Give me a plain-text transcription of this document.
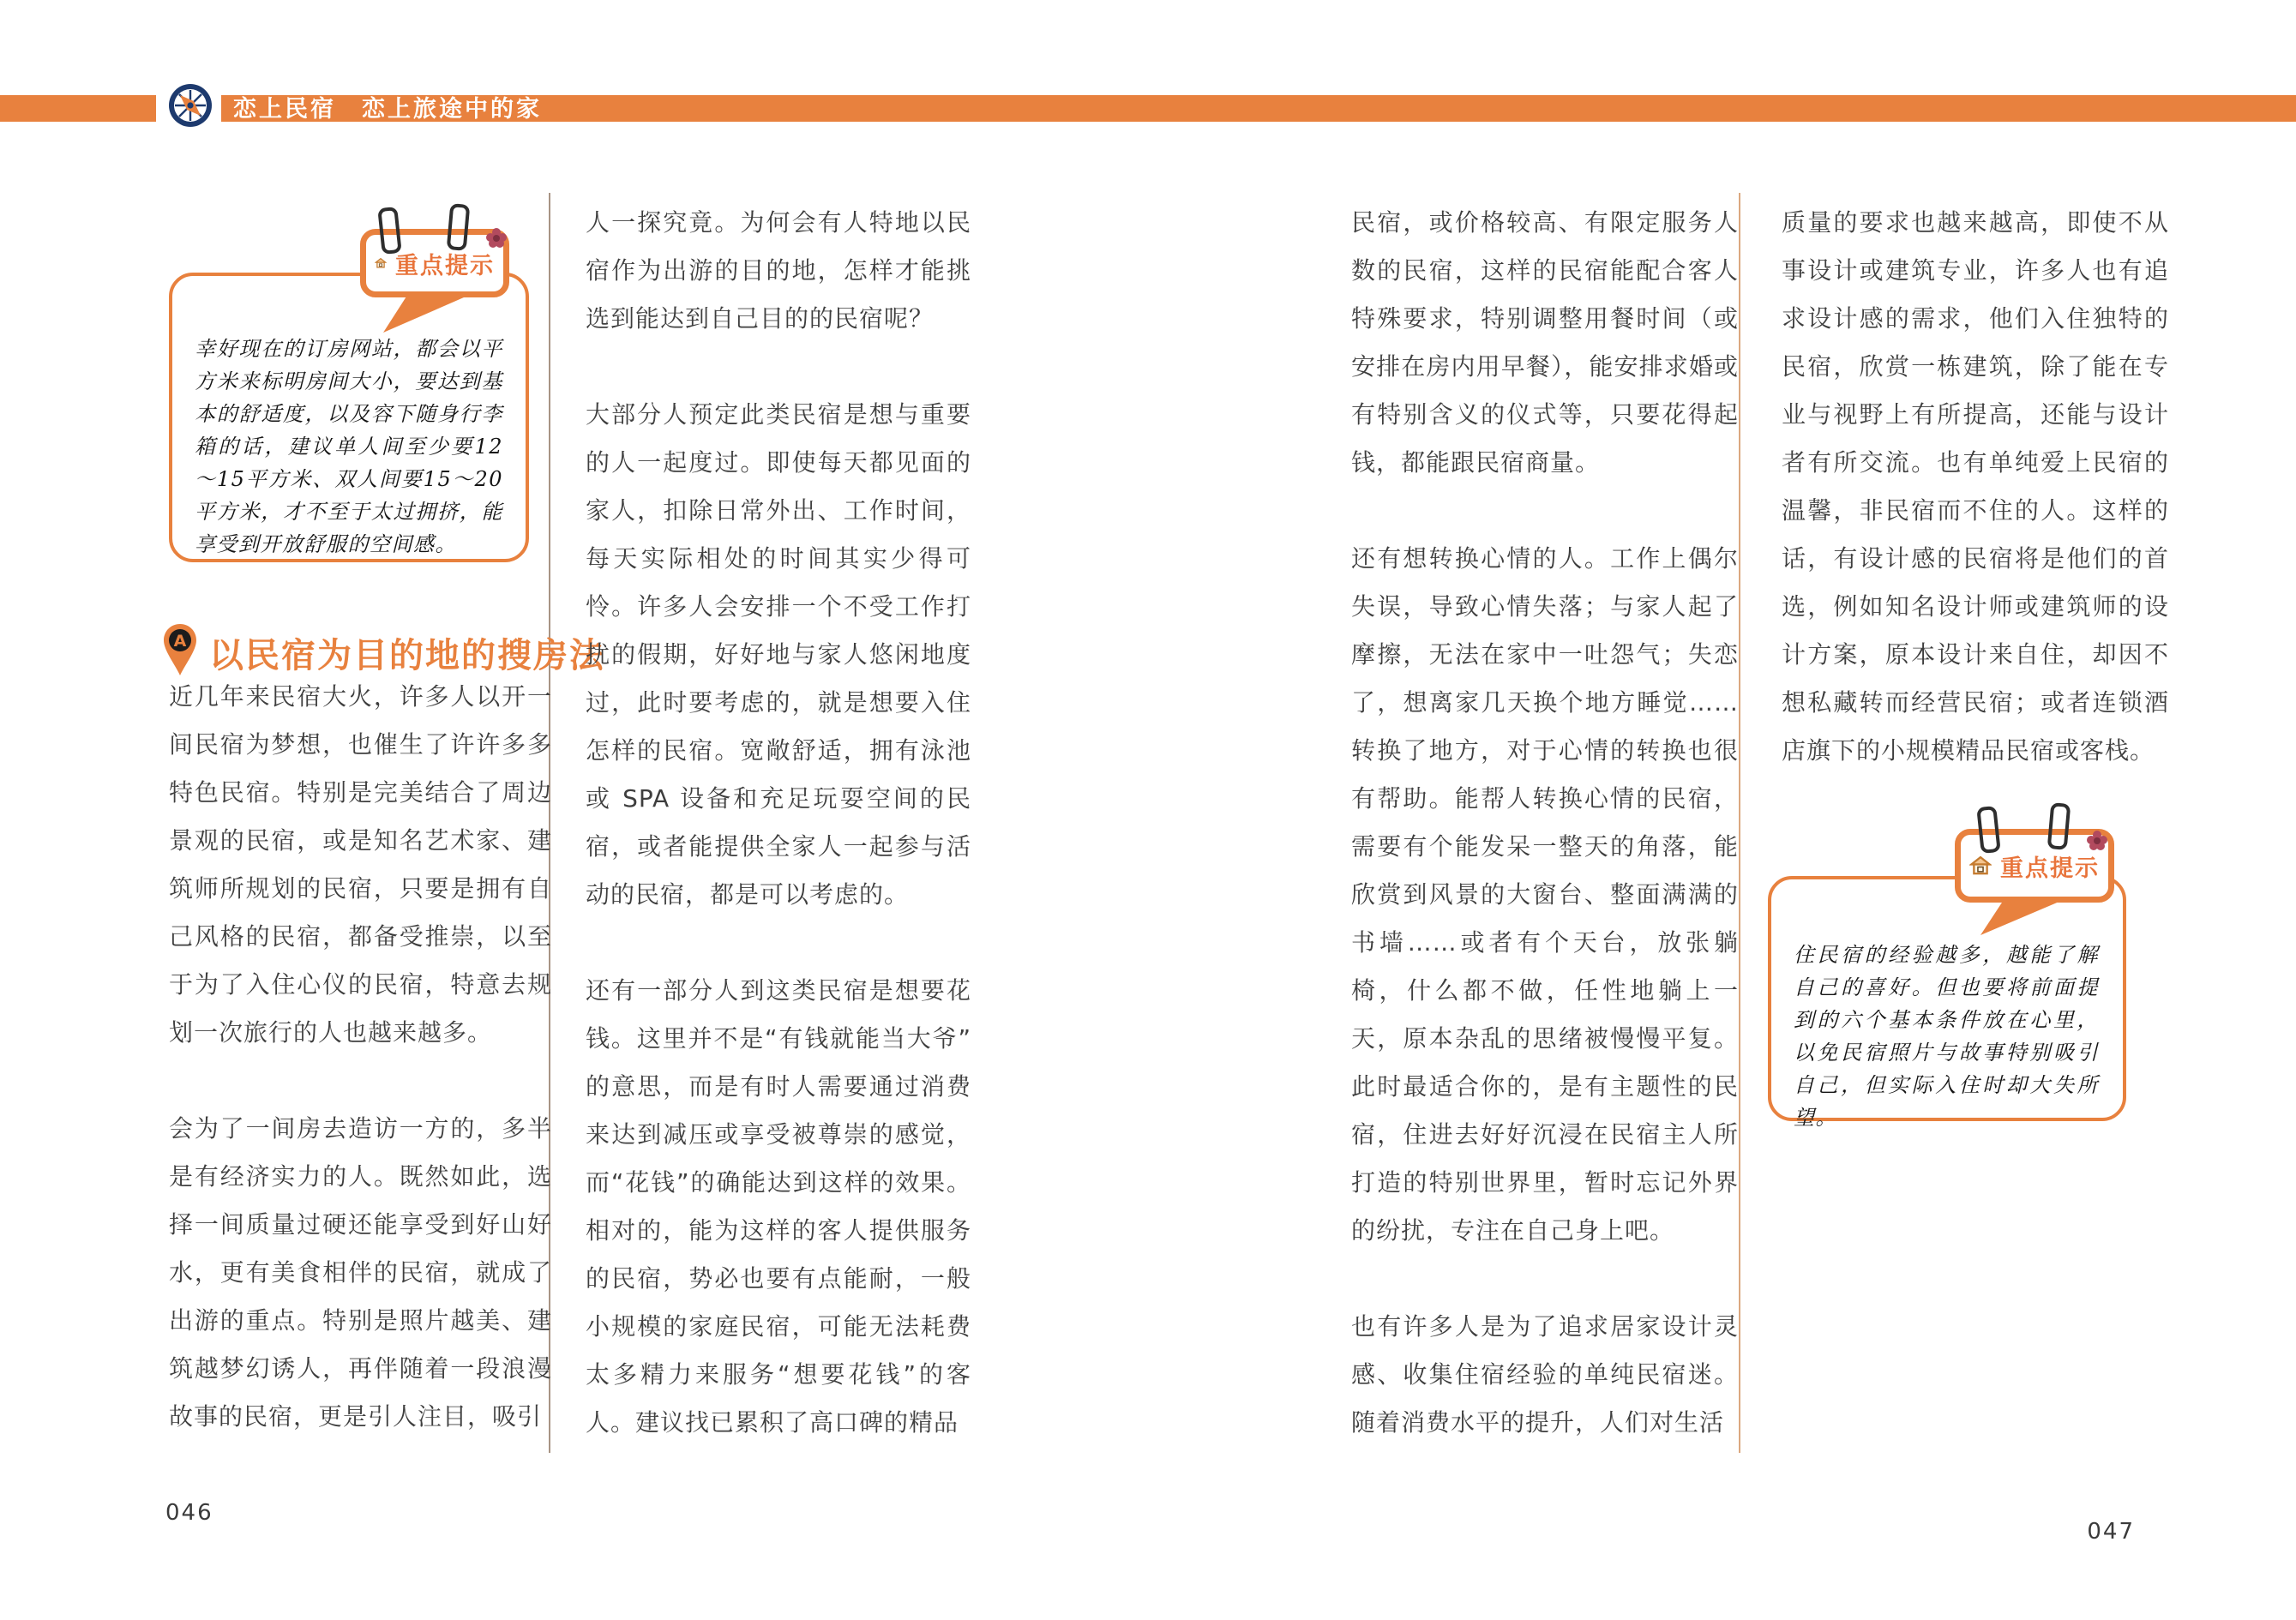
恋上民宿　恋上旅途中的家
重点提示
幸好现在的订房网站，都会以平方米来标明房间大小，要达到基本的舒适度，以及容下随身行李箱的话，建议单人间至少要12～15平方米、双人间要15～20平方米，才不至于太过拥挤，能享受到开放舒服的空间感。
A 以民宿为目的地的搜房法

近几年来民宿大火，许多人以开一间民宿为梦想，也催生了许许多多特色民宿。特别是完美结合了周边景观的民宿，或是知名艺术家、建筑师所规划的民宿，只要是拥有自己风格的民宿，都备受推崇，以至于为了入住心仪的民宿，特意去规划一次旅行的人也越来越多。

会为了一间房去造访一方的，多半是有经济实力的人。既然如此，选择一间质量过硬还能享受到好山好水，更有美食相伴的民宿，就成了出游的重点。特别是照片越美、建筑越梦幻诱人，再伴随着一段浪漫故事的民宿，更是引人注目，吸引

人一探究竟。为何会有人特地以民宿作为出游的目的地，怎样才能挑选到能达到自己目的的民宿呢？

大部分人预定此类民宿是想与重要的人一起度过。即使每天都见面的家人，扣除日常外出、工作时间，每天实际相处的时间其实少得可怜。许多人会安排一个不受工作打扰的假期，好好地与家人悠闲地度过，此时要考虑的，就是想要入住怎样的民宿。宽敞舒适，拥有泳池或 SPA 设备和充足玩耍空间的民宿，或者能提供全家人一起参与活动的民宿，都是可以考虑的。

还有一部分人到这类民宿是想要花钱。这里并不是“有钱就能当大爷”的意思，而是有时人需要通过消费来达到减压或享受被尊崇的感觉，而“花钱”的确能达到这样的效果。相对的，能为这样的客人提供服务的民宿，势必也要有点能耐，一般小规模的家庭民宿，可能无法耗费太多精力来服务“想要花钱”的客人。建议找已累积了高口碑的精品

民宿，或价格较高、有限定服务人数的民宿，这样的民宿能配合客人特殊要求，特别调整用餐时间（或安排在房内用早餐），能安排求婚或有特别含义的仪式等，只要花得起钱，都能跟民宿商量。

还有想转换心情的人。工作上偶尔失误，导致心情失落；与家人起了摩擦，无法在家中一吐怨气；失恋了，想离家几天换个地方睡觉……转换了地方，对于心情的转换也很有帮助。能帮人转换心情的民宿，需要有个能发呆一整天的角落，能欣赏到风景的大窗台、整面满满的书墙……或者有个天台，放张躺椅，什么都不做，任性地躺上一天，原本杂乱的思绪被慢慢平复。此时最适合你的，是有主题性的民宿，住进去好好沉浸在民宿主人所打造的特别世界里，暂时忘记外界的纷扰，专注在自己身上吧。

也有许多人是为了追求居家设计灵感、收集住宿经验的单纯民宿迷。随着消费水平的提升，人们对生活

质量的要求也越来越高，即使不从事设计或建筑专业，许多人也有追求设计感的需求，他们入住独特的民宿，欣赏一栋建筑，除了能在专业与视野上有所提高，还能与设计者有所交流。也有单纯爱上民宿的温馨，非民宿而不住的人。这样的话，有设计感的民宿将是他们的首选，例如知名设计师或建筑师的设计方案，原本设计来自住，却因不想私藏转而经营民宿；或者连锁酒店旗下的小规模精品民宿或客栈。

重点提示
住民宿的经验越多，越能了解自己的喜好。但也要将前面提到的六个基本条件放在心里，以免民宿照片与故事特别吸引自己，但实际入住时却大失所望。
046
047
